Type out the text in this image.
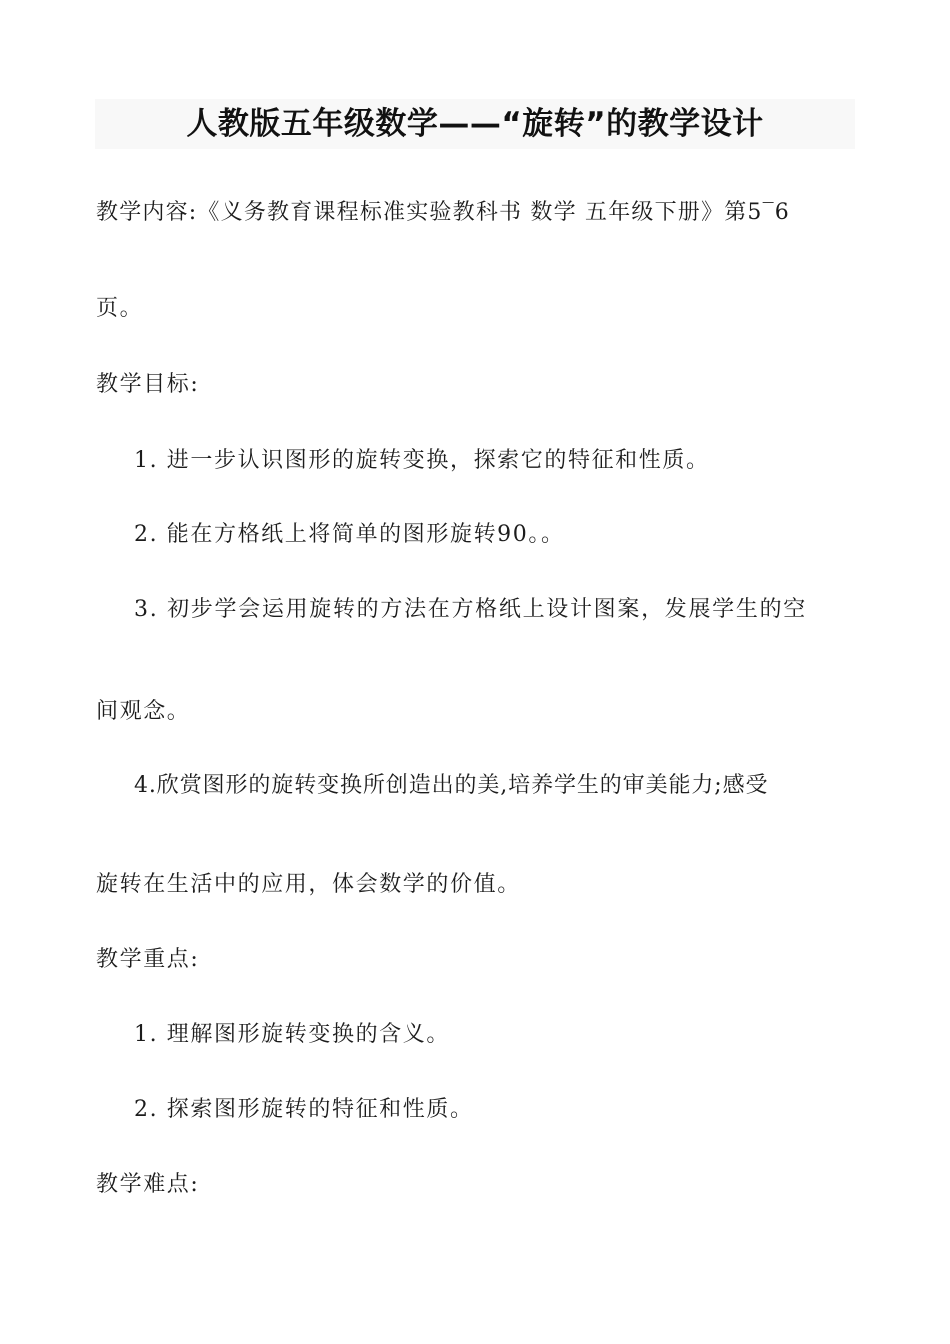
人教版五年级数学——“旋转”的教学设计
教学内容:《义务教育课程标准实验教科书 数学 五年级下册》第5‾6
页。
教学目标:
1. 进一步认识图形的旋转变换，探索它的特征和性质。
2. 能在方格纸上将简单的图形旋转90。。
3. 初步学会运用旋转的方法在方格纸上设计图案，发展学生的空
间观念。
4.欣赏图形的旋转变换所创造出的美,培养学生的审美能力;感受
旋转在生活中的应用，体会数学的价值。
教学重点:
1. 理解图形旋转变换的含义。
2. 探索图形旋转的特征和性质。
教学难点:
